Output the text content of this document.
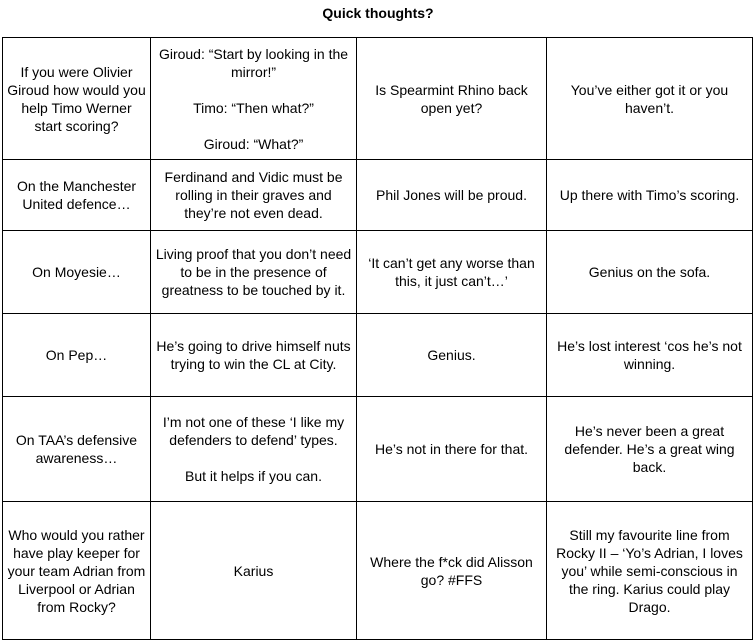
Quick thoughts?
If you were Olivier Giroud how would you help Timo Werner start scoring?	Giroud: “Start by looking in the mirror!”

Timo: “Then what?”

Giroud: “What?”	Is Spearmint Rhino back open yet?	You’ve either got it or you haven’t.
On the Manchester United defence…	Ferdinand and Vidic must be rolling in their graves and they’re not even dead.	Phil Jones will be proud.	Up there with Timo’s scoring.
On Moyesie…	Living proof that you don’t need to be in the presence of greatness to be touched by it.	‘It can’t get any worse than this, it just can’t…’	Genius on the sofa.
On Pep…	He’s going to drive himself nuts trying to win the CL at City.	Genius.	He’s lost interest ‘cos he’s not winning.
On TAA’s defensive awareness…	I’m not one of these ‘I like my defenders to defend’ types.

But it helps if you can.	He’s not in there for that.	He’s never been a great defender. He’s a great wing back.
Who would you rather have play keeper for your team Adrian from Liverpool or Adrian from Rocky?	Karius	Where the f*ck did Alisson go? #FFS	Still my favourite line from Rocky II – ‘Yo’s Adrian, I loves you’ while semi-conscious in the ring. Karius could play Drago.
